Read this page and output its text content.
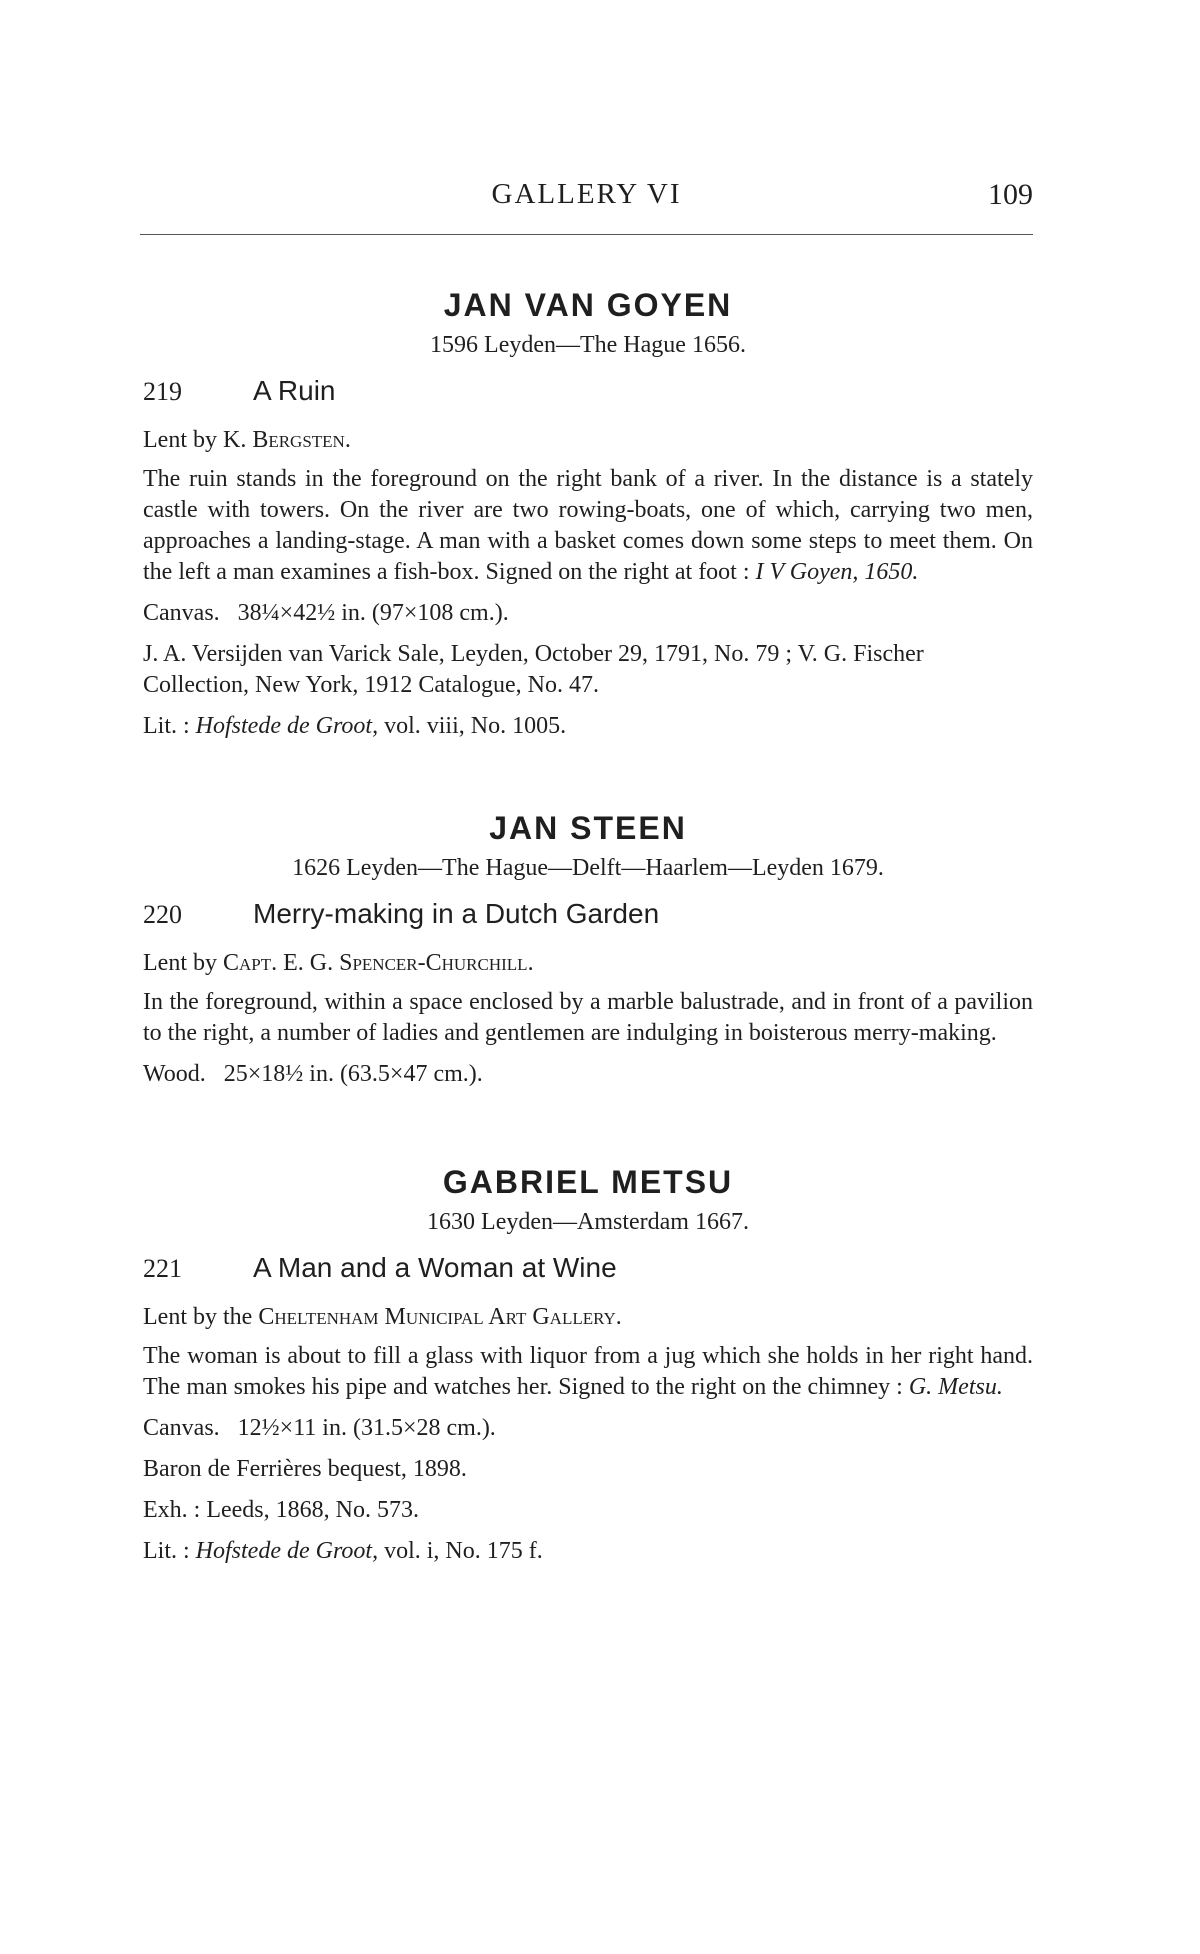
GALLERY VI	109
JAN VAN GOYEN

1596 Leyden—The Hague 1656.

219	A Ruin
Lent by K. Bergsten.
The ruin stands in the foreground on the right bank of a river. In the distance is a stately castle with towers. On the river are two rowing-boats, one of which, carrying two men, approaches a landing-stage. A man with a basket comes down some steps to meet them. On the left a man examines a fish-box. Signed on the right at foot : I V Goyen, 1650.
Canvas. 38¼×42½ in. (97×108 cm.).
J. A. Versijden van Varick Sale, Leyden, October 29, 1791, No. 79 ; V. G. Fischer Collection, New York, 1912 Catalogue, No. 47.
Lit. : Hofstede de Groot, vol. viii, No. 1005.
JAN STEEN

1626 Leyden—The Hague—Delft—Haarlem—Leyden 1679.

220	Merry-making in a Dutch Garden
Lent by Capt. E. G. Spencer-Churchill.
In the foreground, within a space enclosed by a marble balustrade, and in front of a pavilion to the right, a number of ladies and gentlemen are indulging in boisterous merry-making.
Wood. 25×18½ in. (63.5×47 cm.).
GABRIEL METSU

1630 Leyden—Amsterdam 1667.

221	A Man and a Woman at Wine
Lent by the Cheltenham Municipal Art Gallery.
The woman is about to fill a glass with liquor from a jug which she holds in her right hand. The man smokes his pipe and watches her. Signed to the right on the chimney : G. Metsu.
Canvas. 12½×11 in. (31.5×28 cm.).
Baron de Ferrières bequest, 1898.
Exh. : Leeds, 1868, No. 573.
Lit. : Hofstede de Groot, vol. i, No. 175 f.
